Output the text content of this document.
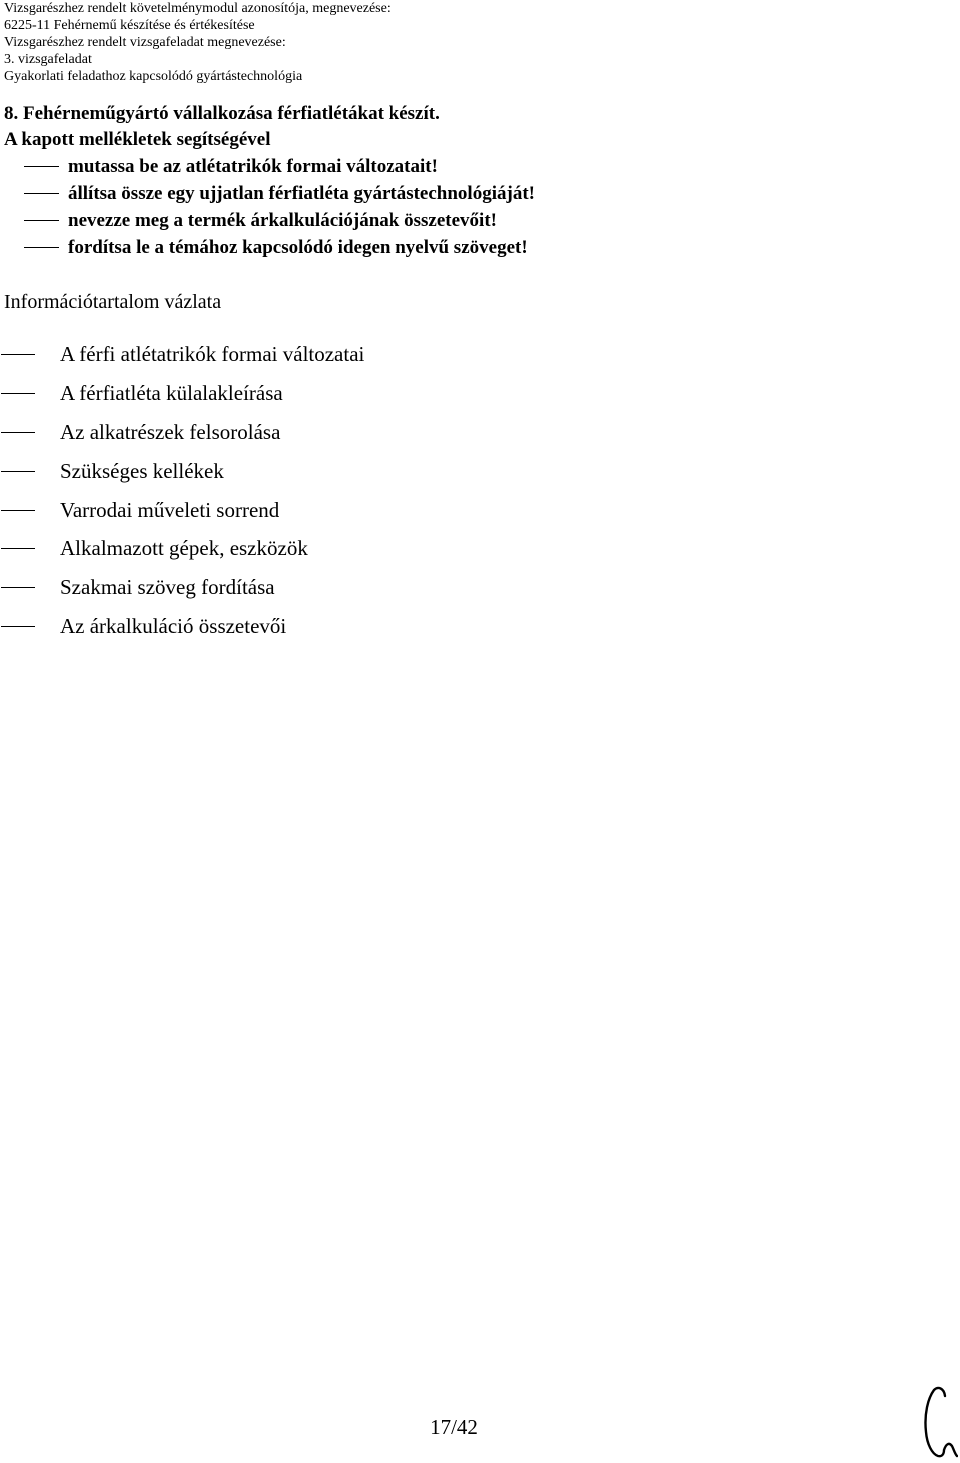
Vizsgarészhez rendelt követelménymodul azonosítója, megnevezése:
6225-11 Fehérnemű készítése és értékesítése
Vizsgarészhez rendelt vizsgafeladat megnevezése:
3. vizsgafeladat
Gyakorlati feladathoz kapcsolódó gyártástechnológia
8. Fehérneműgyártó vállalkozása férfiatlétákat készít.
A kapott mellékletek segítségével
mutassa be az atlétatrikók formai változatait!
állítsa össze egy ujjatlan férfiatléta gyártástechnológiáját!
nevezze meg a termék árkalkulációjának összetevőit!
fordítsa le a témához kapcsolódó idegen nyelvű szöveget!
Információtartalom vázlata
A férfi atlétatrikók formai változatai
A férfiatléta külalakleírása
Az alkatrészek felsorolása
Szükséges kellékek
Varrodai műveleti sorrend
Alkalmazott gépek, eszközök
Szakmai szöveg fordítása
Az árkalkuláció összetevői
17/42
